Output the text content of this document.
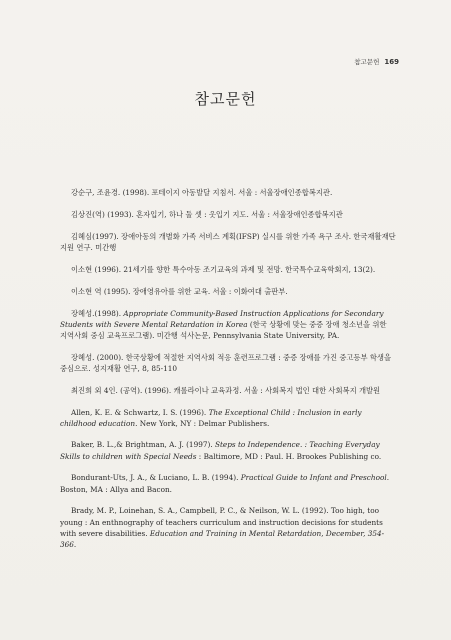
참고문헌 169
참고문헌

강순구, 조윤경. (1998). 포테이지 아동발달 지침서. 서울 : 서울장애인종합복지관.

김상진(역) (1993). 혼자입기, 하나 둘 셋 : 옷입기 지도. 서울 : 서울장애인종합복지관

김혜심(1997). 장애아동의 개별화 가족 서비스 계획(IFSP) 실시를 위한 가족 욕구 조사. 한국재활재단 지원 연구. 미간행

이소현 (1996). 21세기를 향한 특수아동 조기교육의 과제 및 전망. 한국특수교육학회지, 13(2).

이소현 역 (1995). 장애영유아를 위한 교육. 서울 : 이화여대 출판부.

장혜성.(1998). Appropriate Community-Based Instruction Applications for Secondary Students with Severe Mental Retardation in Korea (한국 상황에 맞는 중증 장애 청소년을 위한 지역사회 중심 교육프로그램). 미간행 석사논문, Pennsylvania State University, PA.

장혜성. (2000). 한국상황에 적절한 지역사회 적응 훈련프로그램 : 중증 장애를 가진 중고등부 학생을 중심으로. 성지재활 연구, 8, 85-110

최진희 외 4인. (공역). (1996). 캐롤라이나 교육과정. 서울 : 사회복지 법인 대한 사회복지 개발원

Allen, K. E. & Schwartz, I. S. (1996). The Exceptional Child : Inclusion in early childhood education. New York, NY : Delmar Publishers.

Baker, B. L.,& Brightman, A. J. (1997). Steps to Independence. : Teaching Everyday Skills to children with Special Needs : Baltimore, MD : Paul. H. Brookes Publishing co.

Bondurant-Uts, J. A., & Luciano, L. B. (1994). Practical Guide to Infant and Preschool. Boston, MA : Allya and Bacon.

Brady, M. P., Loinehan, S. A., Campbell, P. C., & Neilson, W. L. (1992). Too high, too young : An enthnography of teachers curriculum and instruction decisions for students with severe disabilities. Education and Training in Mental Retardation, December, 354-366.
